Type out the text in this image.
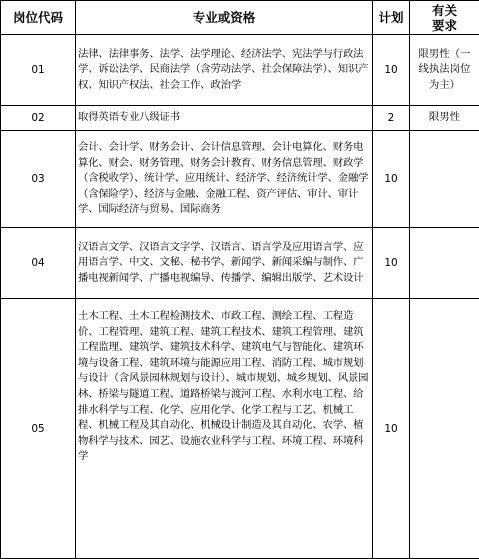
岗位代码	专业或资格	计划	有关要求

01	法律、法律事务、法学、法学理论、经济法学、宪法学与行政法学、诉讼法学、民商法学（含劳动法学、社会保障法学）、知识产权、知识产权法、社会工作、政治学	10	限男性（一线执法岗位为主）

02	取得英语专业八级证书	2	限男性
03	会计、会计学、财务会计、会计信息管理、会计电算化、财务电算化、财会、财务管理、财务会计教育、财务信息管理、财政学（含税收学）、统计学、应用统计、经济学、经济统计学、金融学（含保险学）、经济与金融、金融工程、资产评估、审计、审计学、国际经济与贸易、国际商务	10	
04	汉语言文学、汉语言文字学、汉语言、语言学及应用语言学、应用语言学、中文、文秘、秘书学、新闻学、新闻采编与制作、广播电视新闻学、广播电视编导、传播学、编辑出版学、艺术设计	10	
05	土木工程、土木工程检测技术、市政工程、测绘工程、工程造价、工程管理、建筑工程、建筑工程技术、建筑工程管理、建筑工程监理、建筑学、建筑技术科学、建筑电气与智能化、建筑环境与设备工程、建筑环境与能源应用工程、消防工程、城市规划与设计（含风景园林规划与设计）、城市规划、城乡规划、风景园林、桥梁与隧道工程、道路桥梁与渡河工程、水利水电工程、给排水科学与工程、化学、应用化学、化学工程与工艺、机械工程、机械工程及其自动化、机械设计制造及其自动化、农学、植物科学与技术、园艺、设施农业科学与工程、环境工程、环境科学	10	
